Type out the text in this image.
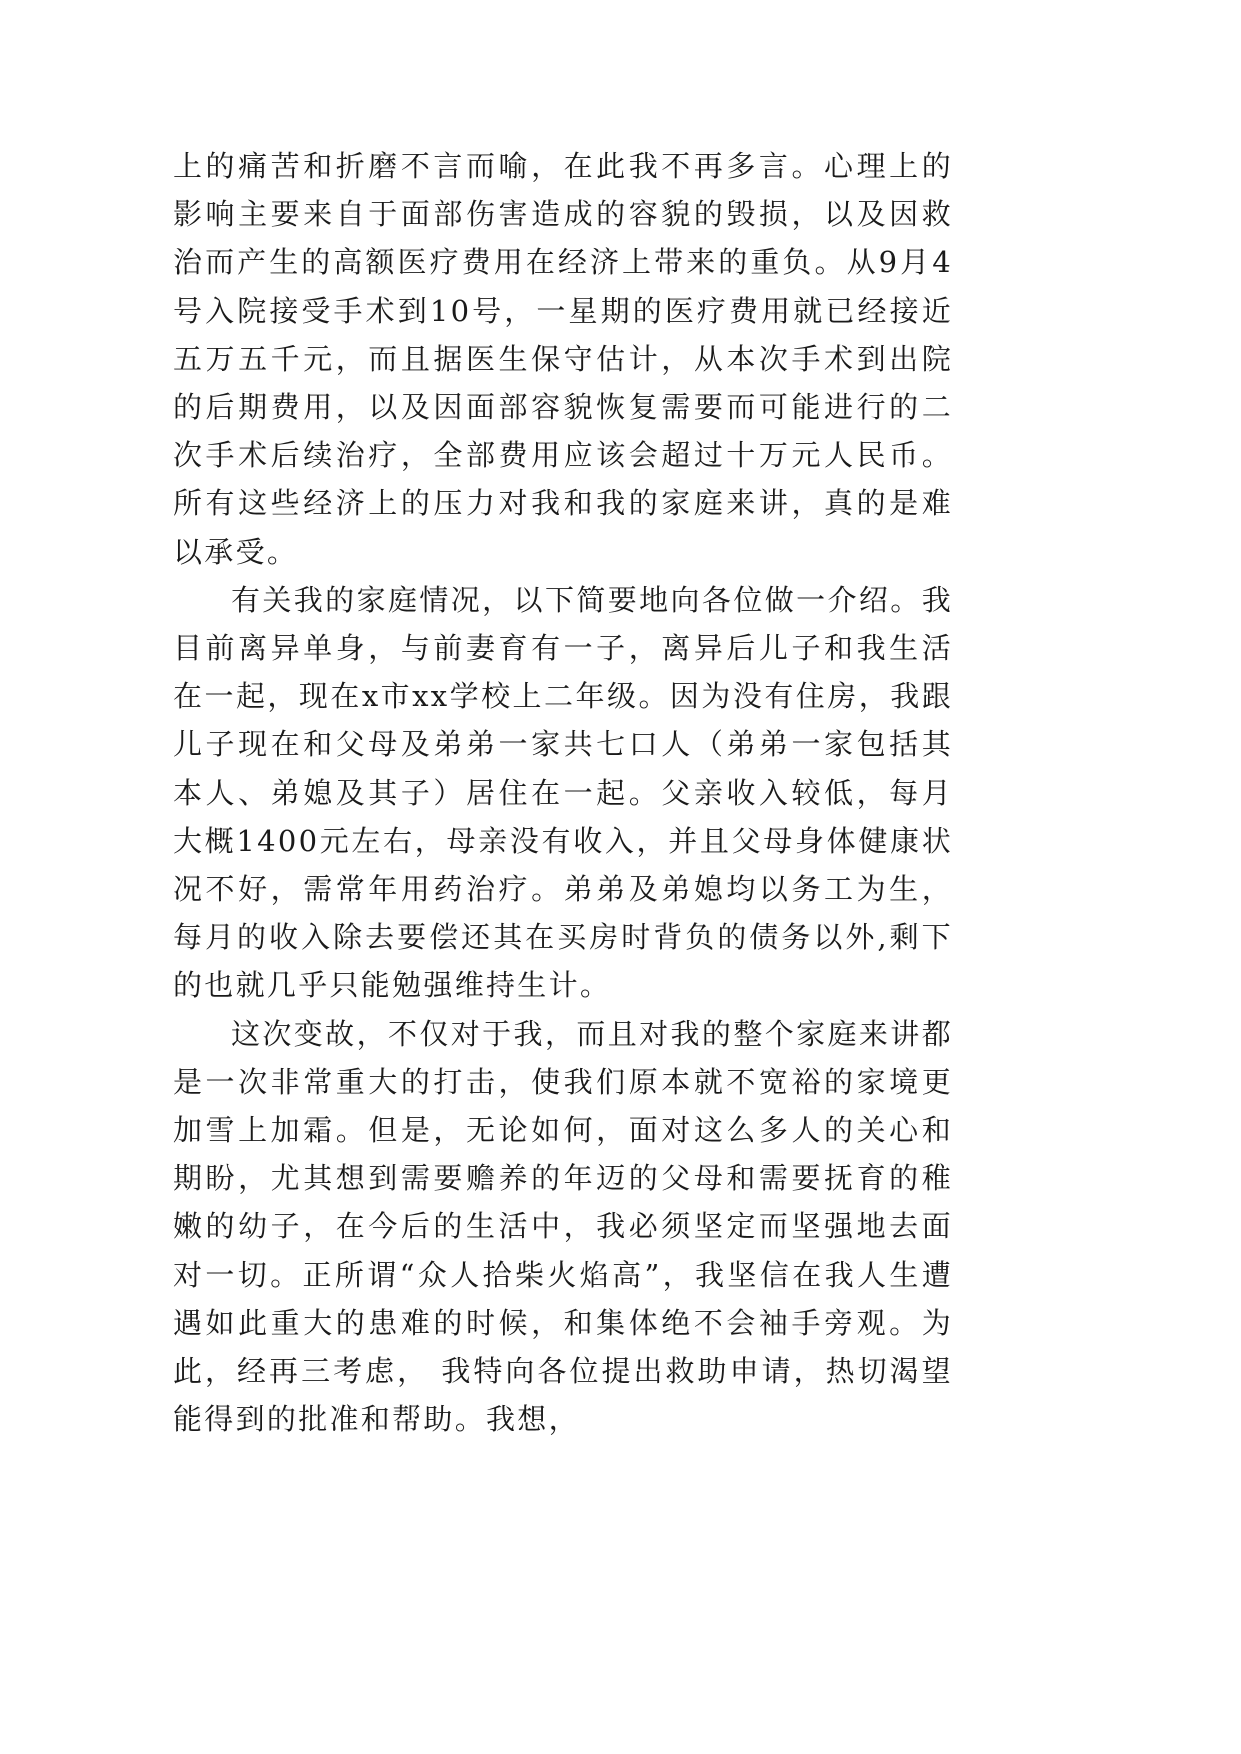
上的痛苦和折磨不言而喻，在此我不再多言。心理上的影响主要来自于面部伤害造成的容貌的毁损，以及因救治而产生的高额医疗费用在经济上带来的重负。从9月4号入院接受手术到10号，一星期的医疗费用就已经接近五万五千元，而且据医生保守估计，从本次手术到出院的后期费用，以及因面部容貌恢复需要而可能进行的二次手术后续治疗，全部费用应该会超过十万元人民币。所有这些经济上的压力对我和我的家庭来讲，真的是难以承受。

有关我的家庭情况，以下简要地向各位做一介绍。我目前离异单身，与前妻育有一子，离异后儿子和我生活在一起，现在x市xx学校上二年级。因为没有住房，我跟儿子现在和父母及弟弟一家共七口人（弟弟一家包括其本人、弟媳及其子）居住在一起。父亲收入较低，每月大概1400元左右，母亲没有收入，并且父母身体健康状况不好，需常年用药治疗。弟弟及弟媳均以务工为生，每月的收入除去要偿还其在买房时背负的债务以外,剩下的也就几乎只能勉强维持生计。

这次变故，不仅对于我，而且对我的整个家庭来讲都是一次非常重大的打击，使我们原本就不宽裕的家境更加雪上加霜。但是，无论如何，面对这么多人的关心和期盼，尤其想到需要赡养的年迈的父母和需要抚育的稚嫩的幼子，在今后的生活中，我必须坚定而坚强地去面对一切。正所谓“众人拾柴火焰高”，我坚信在我人生遭遇如此重大的患难的时候，和集体绝不会袖手旁观。为此，经再三考虑， 我特向各位提出救助申请，热切渴望能得到的批准和帮助。我想，
